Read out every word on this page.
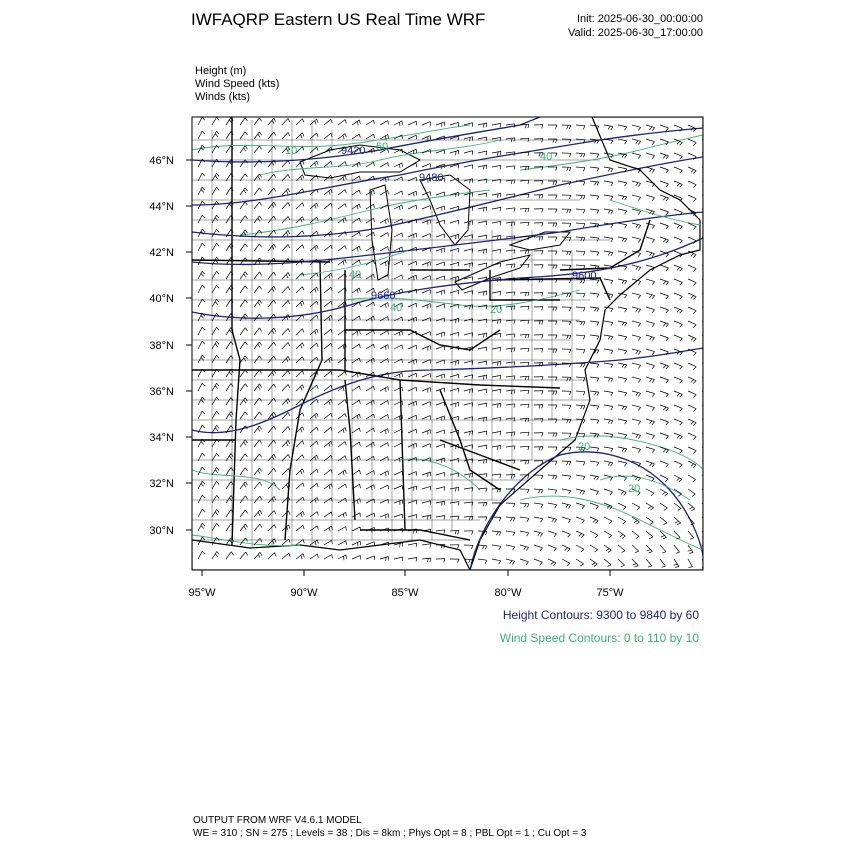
IWFAQRP Eastern US Real Time WRF	Init: 2025-06-30_00:00:00
Valid: 2025-06-30_17:00:00
Height (m)
Wind Speed (kts)
Winds (kts)
46°N
44°N
42°N
40°N
38°N
36°N
34°N
32°N
30°N
95°W	90°W	85°W	80°W	75°W
9420
9480
9600
9660
50
40
40
40	20
20
10
20
Height Contours: 9300 to 9840 by 60
Wind Speed Contours: 0 to 110 by 10
OUTPUT FROM WRF V4.6.1 MODEL
WE = 310 ; SN = 275 ; Levels = 38 ; Dis = 8km ; Phys Opt = 8 ; PBL Opt = 1 ; Cu Opt = 3
